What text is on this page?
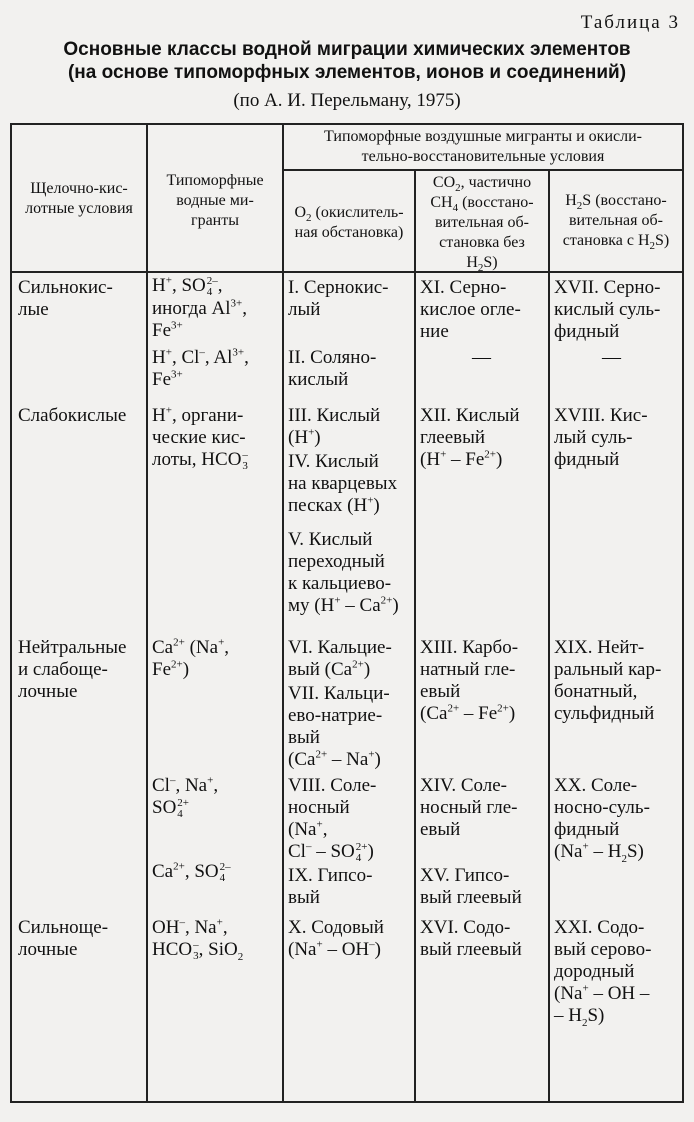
Таблица 3
Основные классы водной миграции химических элементов
(на основе типоморфных элементов, ионов и соединений)
(по А. И. Перельману, 1975)
Щелочно-кис-
лотные условия
Типоморфные
водные ми-
гранты
Типоморфные воздушные мигранты и окисли-
тельно-восстановительные условия
$O_2$ (окислитель-
ная обстановка)
$CO_2$, частично
$CH_4$ (восстано-
вительная об-
становка без
$H_2S$)
$H_2S$ (восстано-
вительная об-
становка с $H_2S$)
Сильнокис-
лые
H+, SO 2–
4 ,
иногда $Al^{3+}$,
$Fe^{3+}$
H+, Cl–, $Al^{3+}$,
$Fe^{3+}$
I. Сернокис-
лый
II. Соляно-
кислый
XI. Серно-
кислое огле-
ние
—
XVII. Серно-
кислый суль-
фидный
—
Слабокислые H+, органи-
ческие кис-
лоты, HCO –
3
III. Кислый
(H+)
IV. Кислый
на кварцевых
песках (H+)
V. Кислый
переходный
к кальциево-
му $(H^+ - Ca^{2+})$
XII. Кислый
глеевый
$(H^+ - Fe^{2+})$
XVIII. Кис-
лый суль-
фидный
Нейтральные
и слабоще-
лочные
$Ca^{2+}$ (Na+,
$Fe^{2+}$)
Cl–, Na+,
SO 2+
4
$Ca^{2+}$, SO 2–
4
VI. Кальцие-
вый $(Ca^{2+})$
VII. Кальци-
ево-натрие-
вый
$(Ca^{2+} - Na^+)$
VIII. Соле-
носный
(Na+,
Cl– – SO 2+
4 )
IX. Гипсо-
вый
XIII. Карбо-
натный гле-
евый
$(Ca^{2+} - Fe^{2+})$
XIV. Соле-
носный гле-
евый
XV. Гипсо-
вый глеевый
XIX. Нейт-
ральный кар-
бонатный,
сульфидный
XX. Соле-
носно-суль-
фидный
$(Na^+ - H_2S)$
Сильноще-
лочные
OH–, Na+,
HCO –
3 , SiO$_2$
X. Содовый
(Na+ – OH–)
XVI. Содо-
вый глеевый
XXI. Содо-
вый серово-
дородный
(Na+ – OH –
– $H_2S$)
